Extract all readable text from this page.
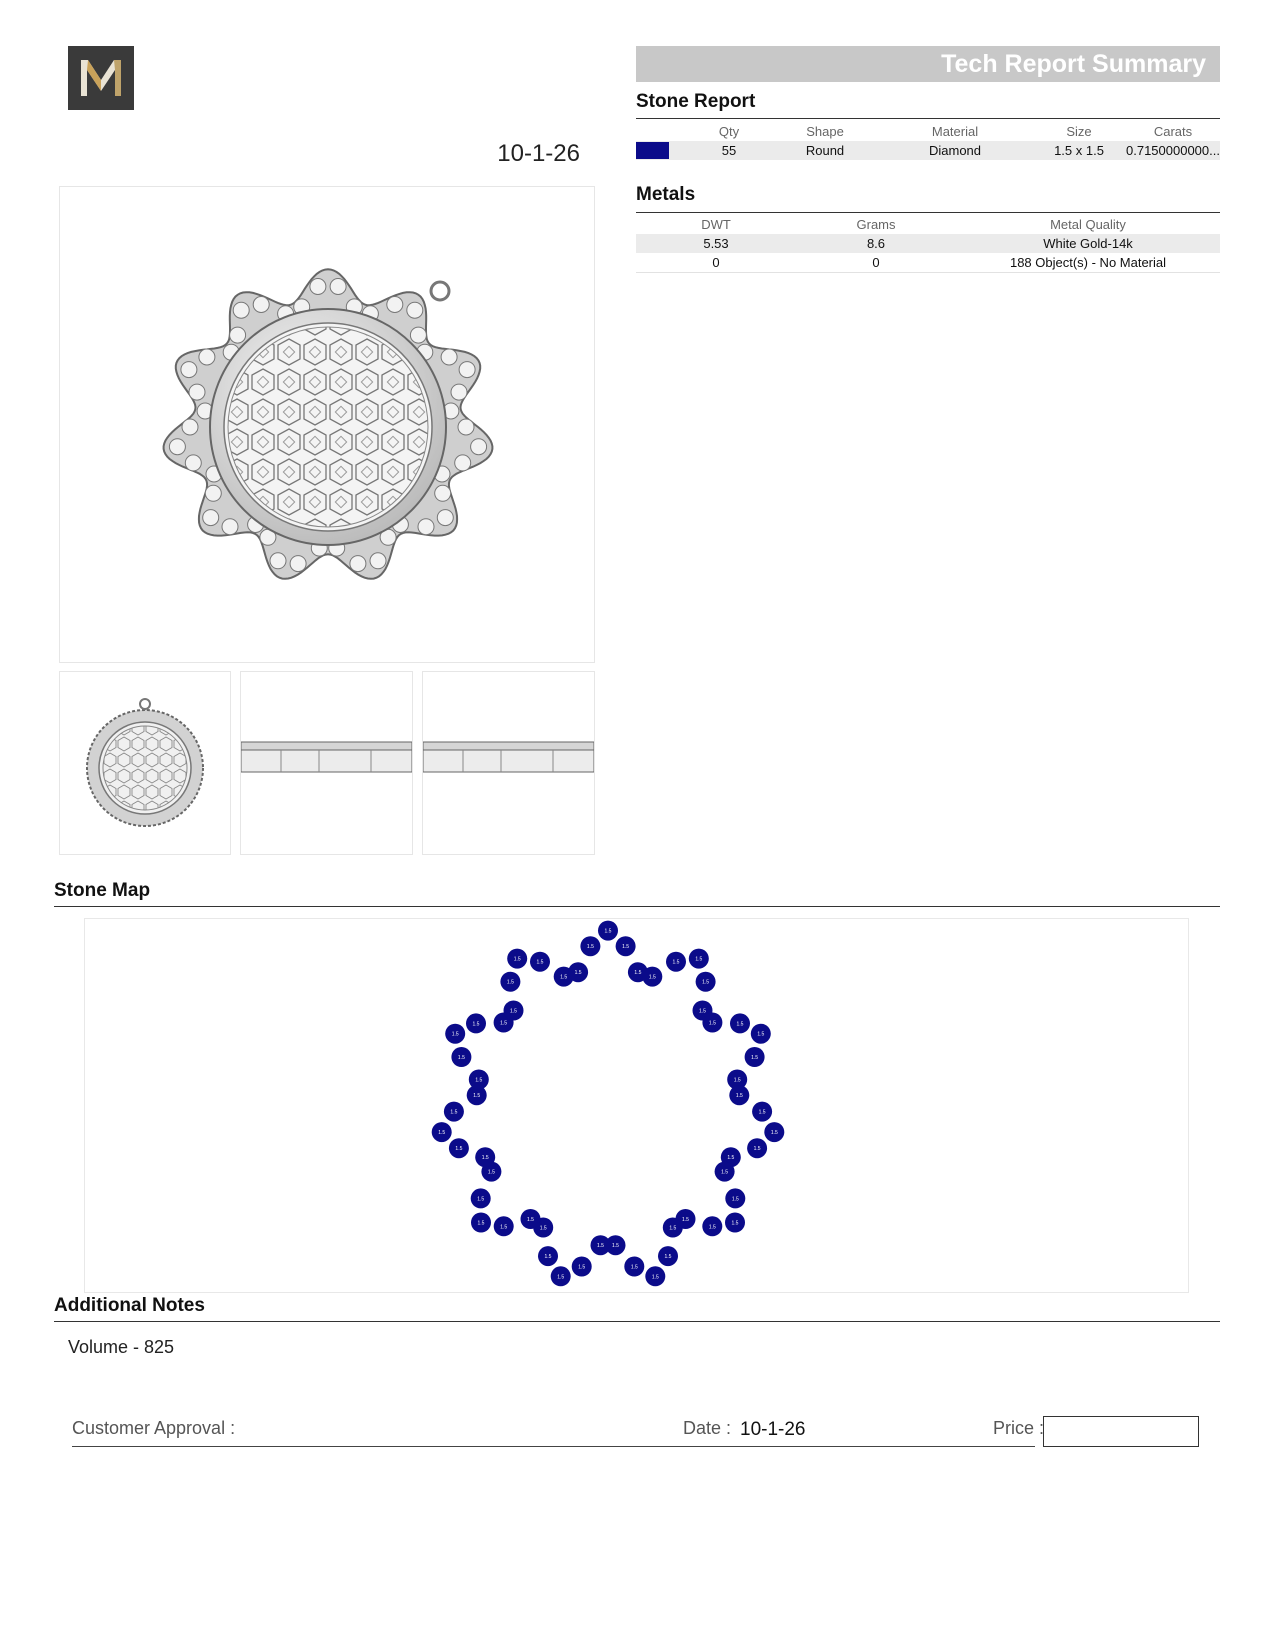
10-1-26
Tech Report Summary
Stone Report
	Qty	Shape	Material	Size	Carats

	55	Round	Diamond	1.5 x 1.5	0.7150000000...
Metals
DWT	Grams	Metal Quality
5.53	8.6	White Gold-14k
0	0	188 Object(s) - No Material
Stone Map
1.5
1.5
1.5
1.5
1.5
1.5
1.5
1.5
1.5	1.5
1.5
1.5
1.5
1.5
1.5
1.5
1.5
1.5
1.5
1.5
1.5
1.5
1.5
1.5
1.5
1.5
1.5
1.5
1.5
1.5
1.5
1.5
1.5
1.5
1.5
1.5
1.5
1.5
1.5
1.5
1.5
1.5
1.5
1.5
1.5
1.5
1.5	1.5
1.5
1.5
1.5
1.5
1.5
1.5
1.5
Additional Notes
Volume - 825
Customer Approval :	Date : 10-1-26	Price :
